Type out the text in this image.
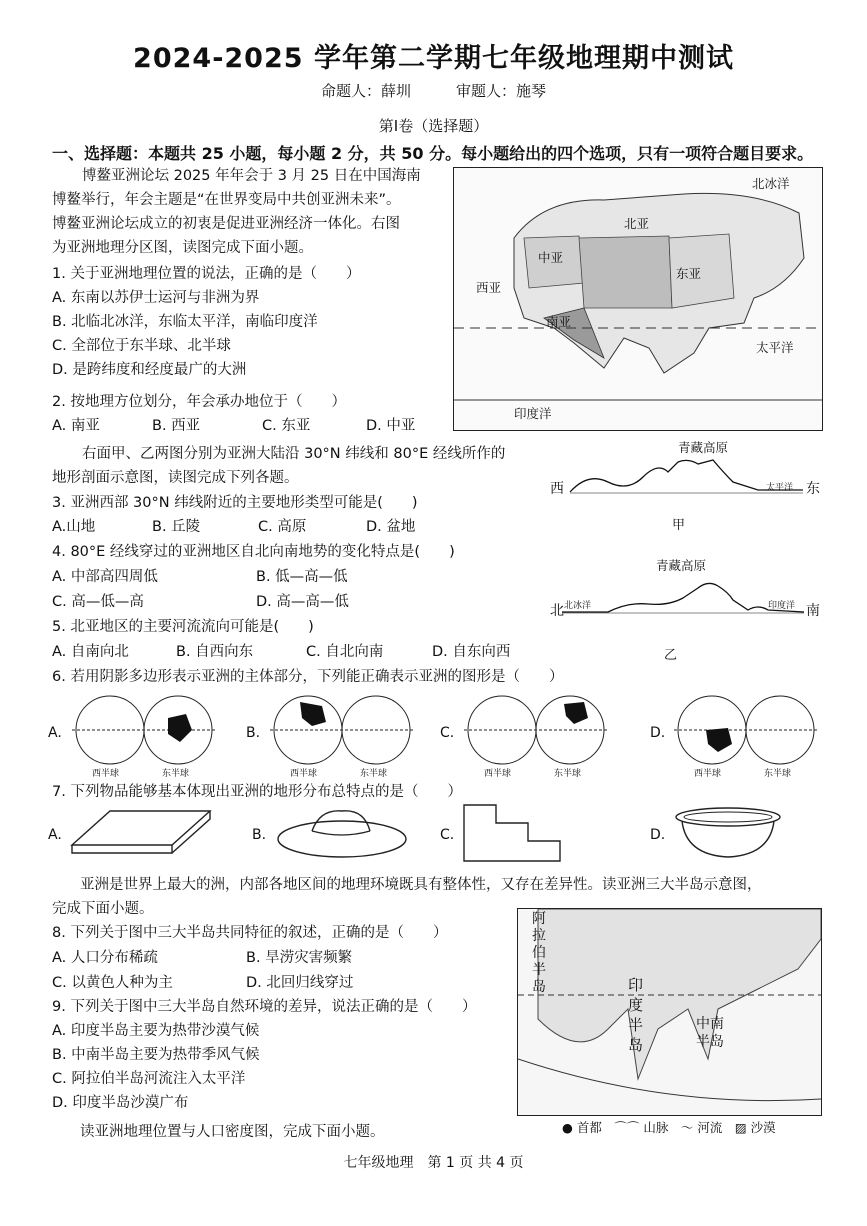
2024-2025 学年第二学期七年级地理期中测试
命题人：薛圳　　　审题人：施琴
第Ⅰ卷（选择题）
一、选择题：本题共 25 小题，每小题 2 分，共 50 分。每小题给出的四个选项，只有一项符合题目要求。
博鳌亚洲论坛 2025 年年会于 3 月 25 日在中国海南
博鳌举行，年会主题是“在世界变局中共创亚洲未来”。
博鳌亚洲论坛成立的初衷是促进亚洲经济一体化。右图
为亚洲地理分区图，读图完成下面小题。
北冰洋
北亚
中亚
西亚
东亚
南亚
太平洋
印度洋
1. 关于亚洲地理位置的说法，正确的是（　　）
A. 东南以苏伊士运河与非洲为界
B. 北临北冰洋，东临太平洋，南临印度洋
C. 全部位于东半球、北半球
D. 是跨纬度和经度最广的大洲
2. 按地理方位划分，年会承办地位于（　　）
A. 南亚	B. 西亚	C. 东亚	D. 中亚
右面甲、乙两图分别为亚洲大陆沿 30°N 纬线和 80°E 经线所作的
地形剖面示意图，读图完成下列各题。
青藏高原
西	东
太平洋
甲
3. 亚洲西部 30°N 纬线附近的主要地形类型可能是(　　)
A.山地	B. 丘陵	C. 高原	D. 盆地
4. 80°E 经线穿过的亚洲地区自北向南地势的变化特点是(　　)
A. 中部高四周低	B. 低—高—低
C. 高—低—高	D. 高—高—低
青藏高原
北	南
北冰洋	印度洋
乙
5. 北亚地区的主要河流流向可能是(　　)
A. 自南向北	B. 自西向东	C. 自北向南	D. 自东向西
6. 若用阴影多边形表示亚洲的主体部分，下列能正确表示亚洲的图形是（　　）
A.
西半球	东半球
B.
西半球	东半球
C.
西半球	东半球
D.
西半球	东半球
7. 下列物品能够基本体现出亚洲的地形分布总特点的是（　　）
A.	B.	C.	D.
亚洲是世界上最大的洲，内部各地区间的地理环境既具有整体性，又存在差异性。读亚洲三大半岛示意图，
完成下面小题。
阿
拉
伯
半
岛	印
度
半
岛
中南
半岛
● 首都　⌒⌒ 山脉　〜 河流　▨ 沙漠
8. 下列关于图中三大半岛共同特征的叙述，正确的是（　　）
A. 人口分布稀疏	B. 旱涝灾害频繁
C. 以黄色人种为主	D. 北回归线穿过
9. 下列关于图中三大半岛自然环境的差异，说法正确的是（　　）
A. 印度半岛主要为热带沙漠气候
B. 中南半岛主要为热带季风气候
C. 阿拉伯半岛河流注入太平洋
D. 印度半岛沙漠广布
读亚洲地理位置与人口密度图，完成下面小题。
七年级地理　第 1 页 共 4 页
